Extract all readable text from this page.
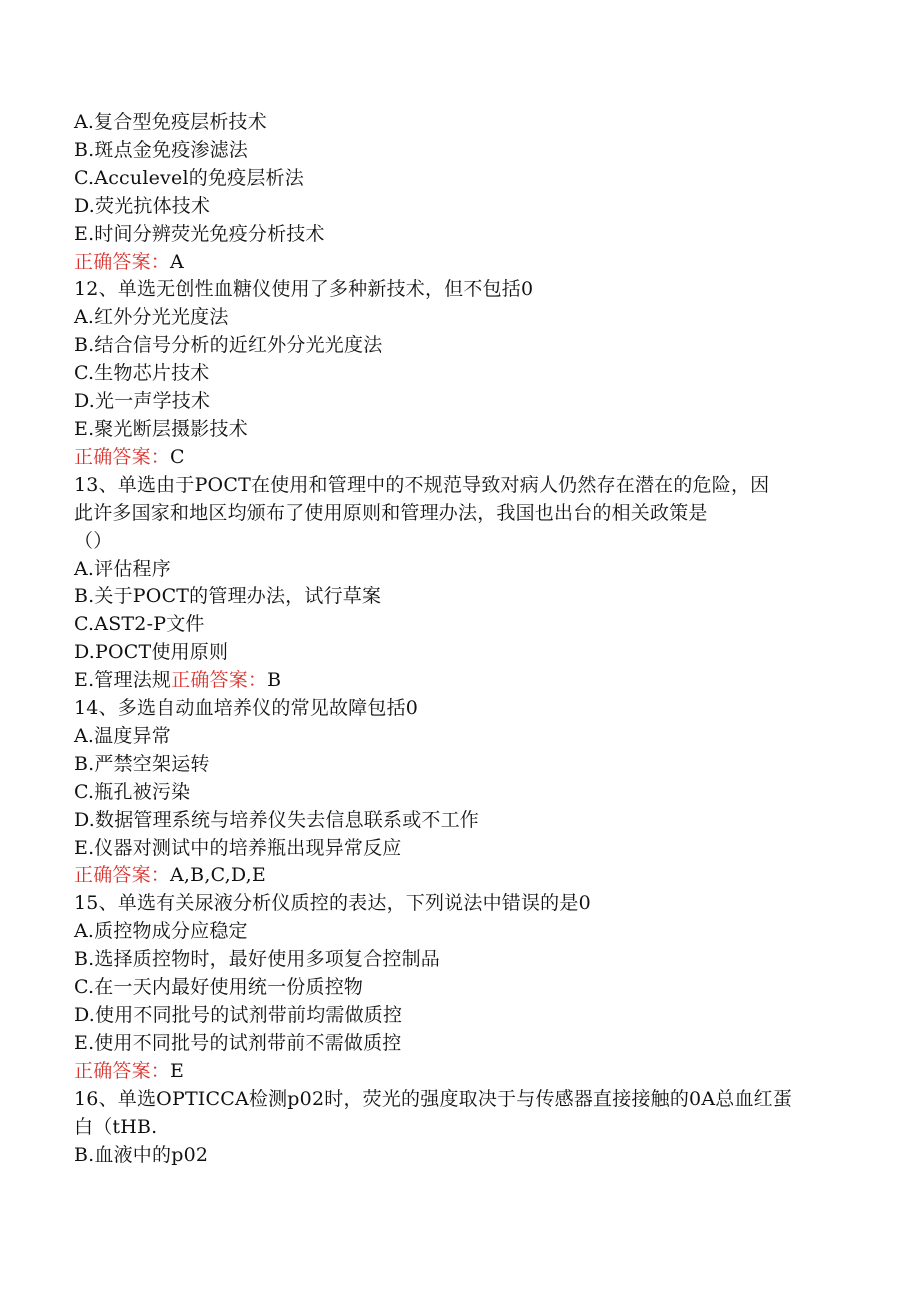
A.复合型免疫层析技术
B.斑点金免疫渗滤法
C.Acculevel的免疫层析法
D.荧光抗体技术
E.时间分辨荧光免疫分析技术
正确答案：A
12、单选无创性血糖仪使用了多种新技术，但不包括0
A.红外分光光度法
B.结合信号分析的近红外分光光度法
C.生物芯片技术
D.光一声学技术
E.聚光断层摄影技术
正确答案：C
13、单选由于POCT在使用和管理中的不规范导致对病人仍然存在潜在的危险，因
此许多国家和地区均颁布了使用原则和管理办法，我国也出台的相关政策是
（）
A.评估程序
B.关于POCT的管理办法，试行草案
C.AST2-P文件
D.POCT使用原则
E.管理法规正确答案：B
14、多选自动血培养仪的常见故障包括0
A.温度异常
B.严禁空架运转
C.瓶孔被污染
D.数据管理系统与培养仪失去信息联系或不工作
E.仪器对测试中的培养瓶出现异常反应
正确答案：A,B,C,D,E
15、单选有关尿液分析仪质控的表达，下列说法中错误的是0
A.质控物成分应稳定
B.选择质控物时，最好使用多项复合控制品
C.在一天内最好使用统一份质控物
D.使用不同批号的试剂带前均需做质控
E.使用不同批号的试剂带前不需做质控
正确答案：E
16、单选OPTICCA检测p02时，荧光的强度取决于与传感器直接接触的0A总血红蛋
白（tHB.
B.血液中的p02
